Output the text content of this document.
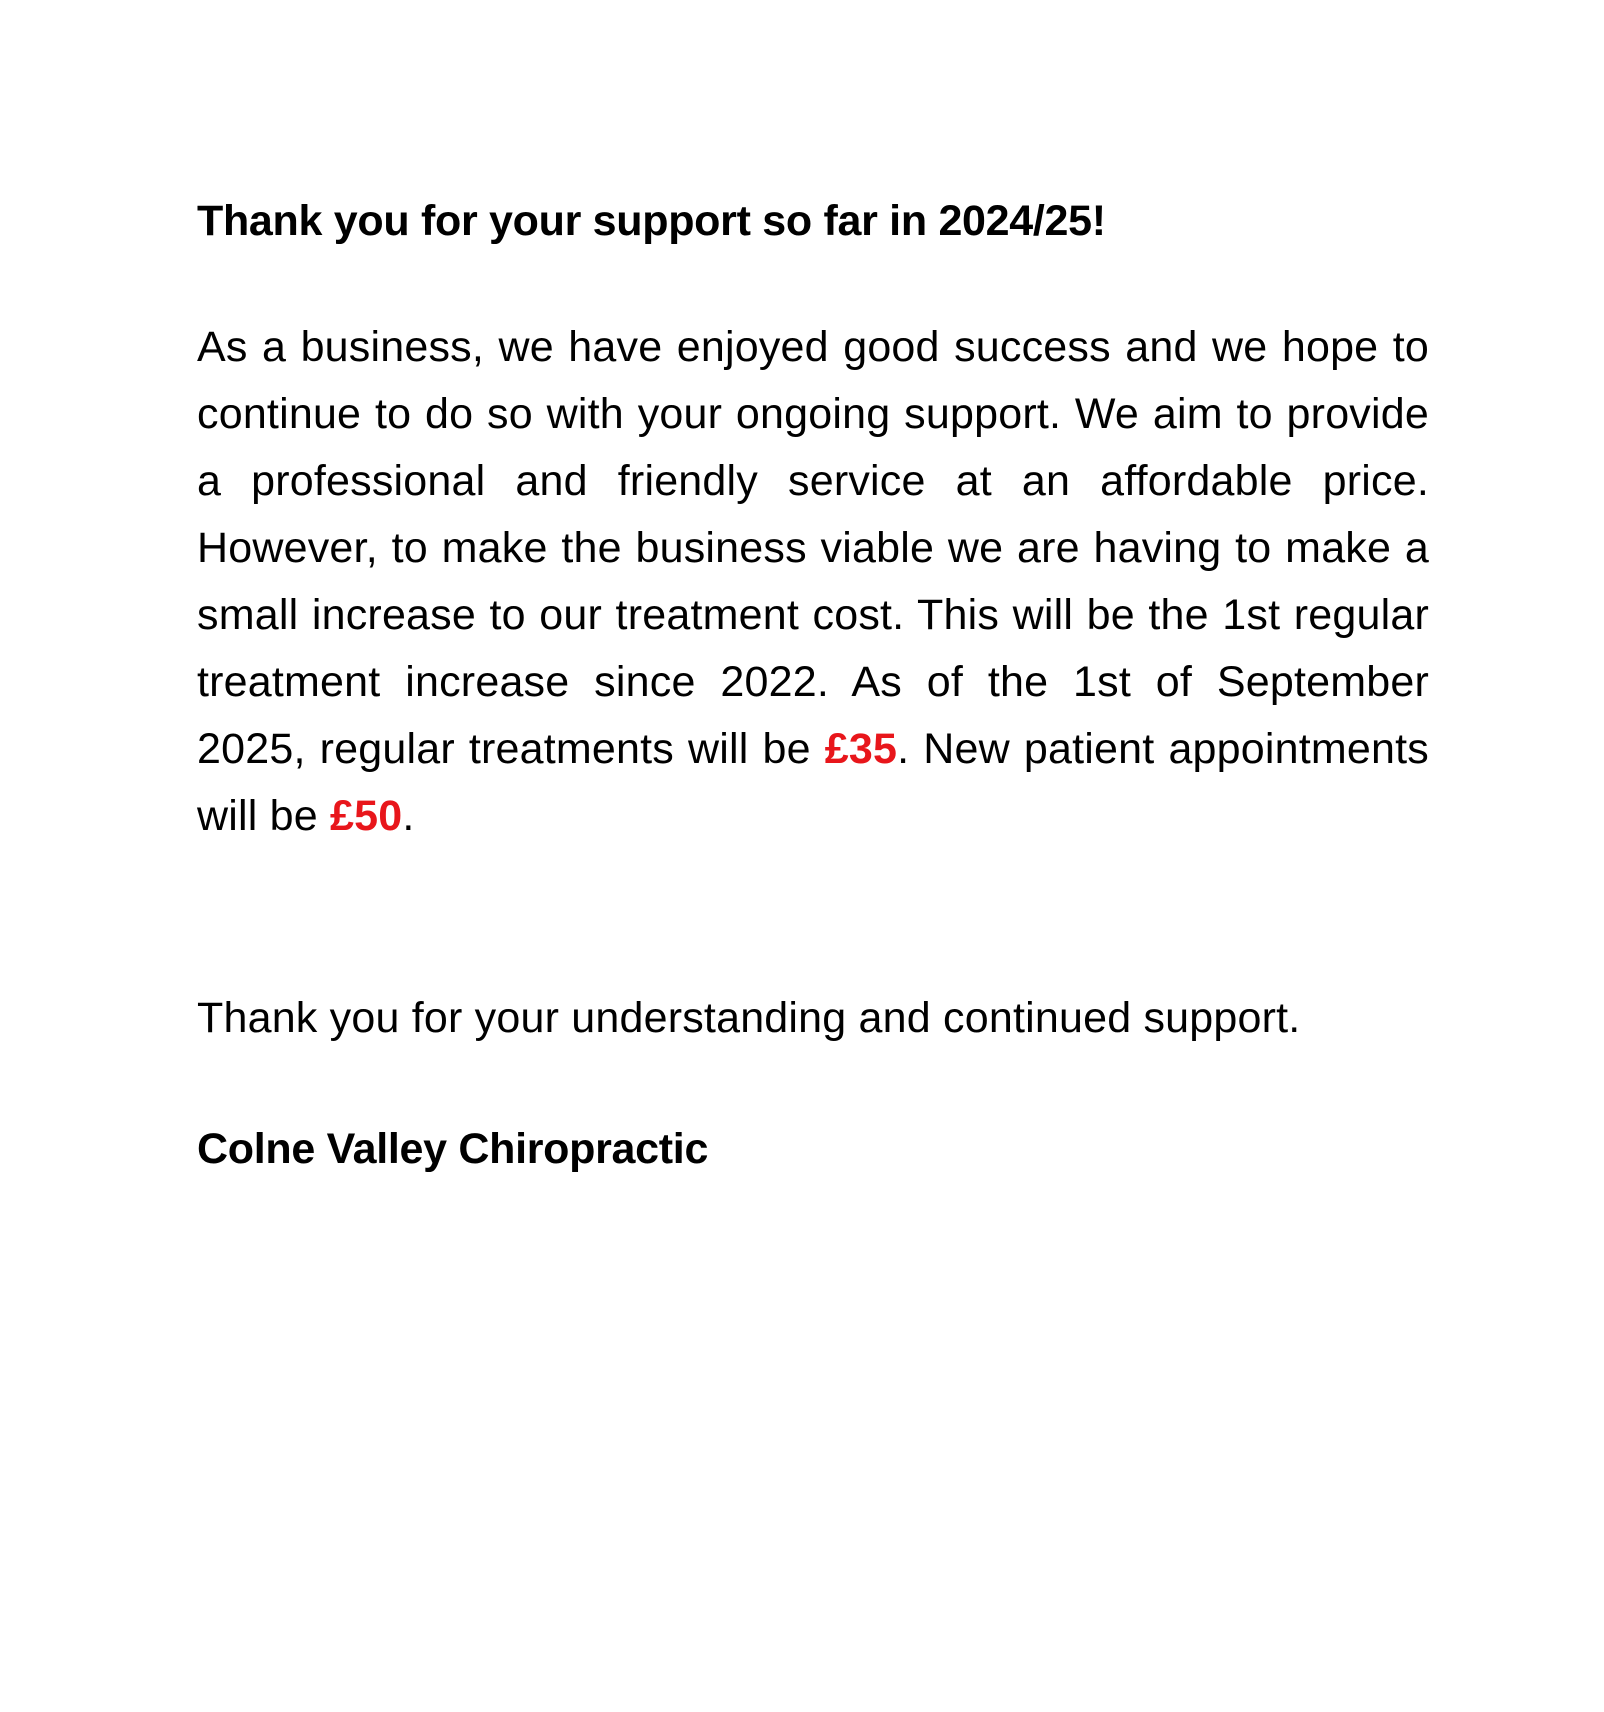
Thank you for your support so far in 2024/25!

As a business, we have enjoyed good success and we hope to continue to do so with your ongoing support. We aim to provide a professional and friendly service at an affordable price. However, to make the business viable we are having to make a small increase to our treatment cost. This will be the 1st regular treatment increase since 2022. As of the 1st of September 2025, regular treatments will be £35. New patient appointments will be £50.

Thank you for your understanding and continued support.

Colne Valley Chiropractic
